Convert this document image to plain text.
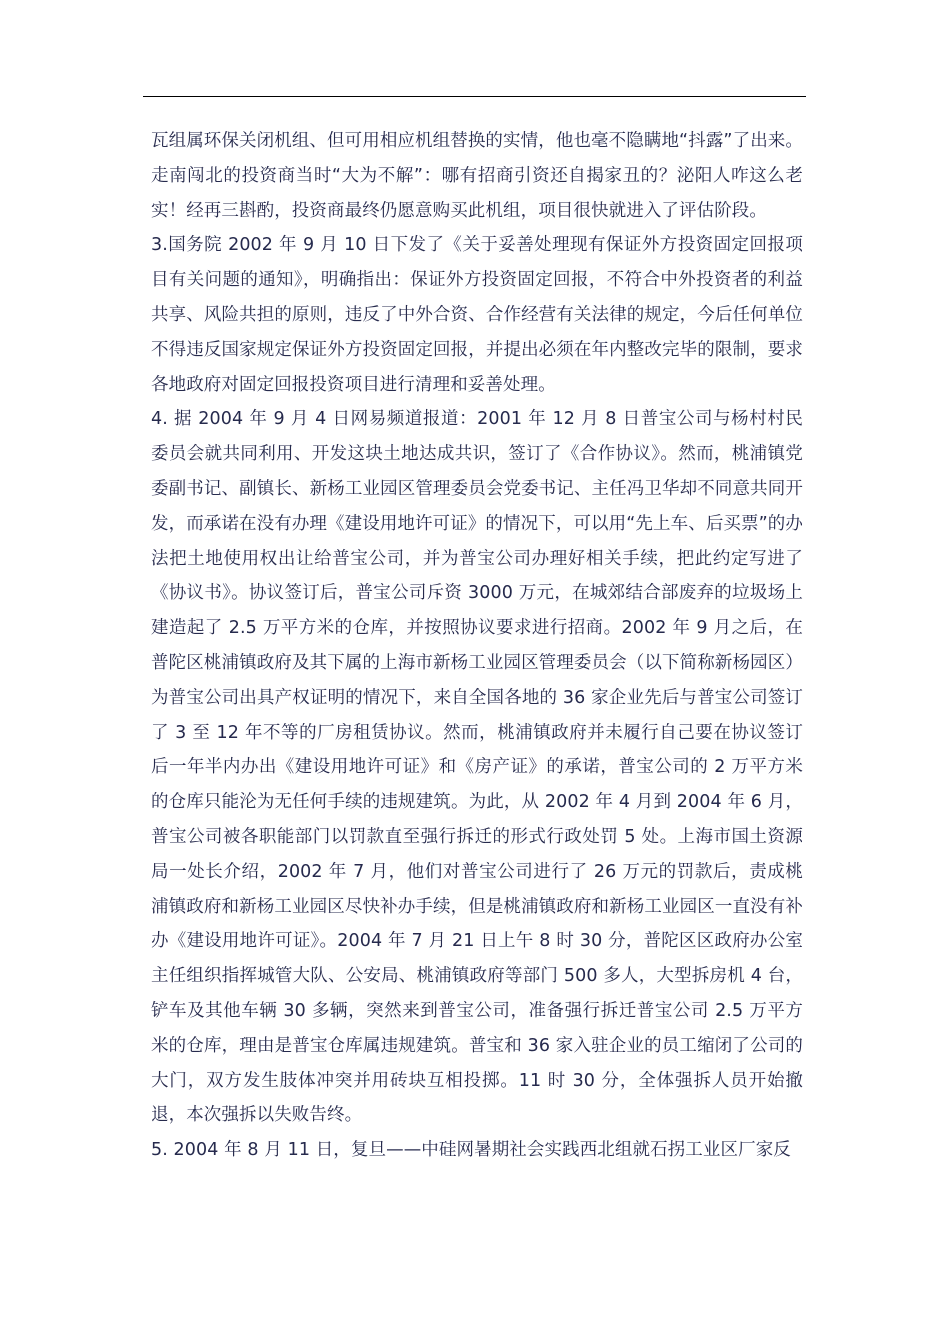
瓦组属环保关闭机组、但可用相应机组替换的实情，他也毫不隐瞒地“抖露”了出来。走南闯北的投资商当时“大为不解”：哪有招商引资还自揭家丑的？泌阳人咋这么老实！经再三斟酌，投资商最终仍愿意购买此机组，项目很快就进入了评估阶段。

3.国务院 2002 年 9 月 10 日下发了《关于妥善处理现有保证外方投资固定回报项目有关问题的通知》，明确指出：保证外方投资固定回报，不符合中外投资者的利益共享、风险共担的原则，违反了中外合资、合作经营有关法律的规定，今后任何单位不得违反国家规定保证外方投资固定回报，并提出必须在年内整改完毕的限制，要求各地政府对固定回报投资项目进行清理和妥善处理。

4. 据 2004 年 9 月 4 日网易频道报道：2001 年 12 月 8 日普宝公司与杨村村民委员会就共同利用、开发这块土地达成共识，签订了《合作协议》。然而，桃浦镇党委副书记、副镇长、新杨工业园区管理委员会党委书记、主任冯卫华却不同意共同开发，而承诺在没有办理《建设用地许可证》的情况下，可以用“先上车、后买票”的办法把土地使用权出让给普宝公司，并为普宝公司办理好相关手续，把此约定写进了《协议书》。协议签订后，普宝公司斥资 3000 万元，在城郊结合部废弃的垃圾场上建造起了 2.5 万平方米的仓库，并按照协议要求进行招商。2002 年 9 月之后，在普陀区桃浦镇政府及其下属的上海市新杨工业园区管理委员会（以下简称新杨园区）为普宝公司出具产权证明的情况下，来自全国各地的 36 家企业先后与普宝公司签订了 3 至 12 年不等的厂房租赁协议。然而，桃浦镇政府并未履行自己要在协议签订后一年半内办出《建设用地许可证》和《房产证》的承诺，普宝公司的 2 万平方米的仓库只能沦为无任何手续的违规建筑。为此，从 2002 年 4 月到 2004 年 6 月，普宝公司被各职能部门以罚款直至强行拆迁的形式行政处罚 5 处。上海市国土资源局一处长介绍，2002 年 7 月，他们对普宝公司进行了 26 万元的罚款后，责成桃浦镇政府和新杨工业园区尽快补办手续，但是桃浦镇政府和新杨工业园区一直没有补办《建设用地许可证》。2004 年 7 月 21 日上午 8 时 30 分，普陀区区政府办公室主任组织指挥城管大队、公安局、桃浦镇政府等部门 500 多人，大型拆房机 4 台，铲车及其他车辆 30 多辆，突然来到普宝公司，准备强行拆迁普宝公司 2.5 万平方米的仓库，理由是普宝仓库属违规建筑。普宝和 36 家入驻企业的员工缩闭了公司的大门，双方发生肢体冲突并用砖块互相投掷。11 时 30 分，全体强拆人员开始撤退，本次强拆以失败告终。

5. 2004 年 8 月 11 日，复旦——中硅网暑期社会实践西北组就石拐工业区厂家反
